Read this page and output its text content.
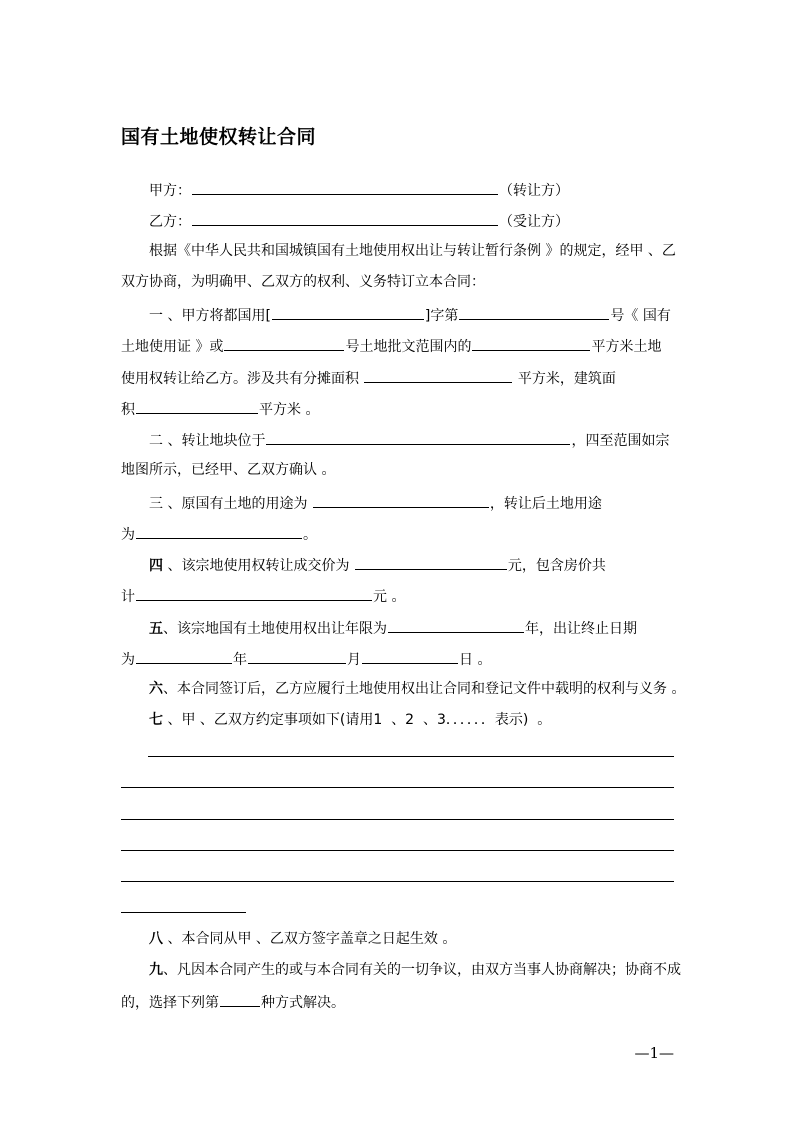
国有土地使权转让合同
甲方：	（转让方）
乙方：	（受让方）
根据《中华人民共和国城镇国有土地使用权出让与转让暂行条例 》的规定，经甲 、乙
双方协商，为明确甲、乙双方的权利、义务特订立本合同：
一 、甲方将都国用[	]字第	号《 国有
土地使用证 》或	号土地批文范围内的	平方米土地
使用权转让给乙方。涉及共有分摊面积	平方米，建筑面
积	平方米 。
二 、转让地块位于	，四至范围如宗
地图所示，已经甲、乙双方确认 。
三 、原国有土地的用途为	，转让后土地用途
为	。
四 、该宗地使用权转让成交价为	元，包含房价共
计	元 。
五、该宗地国有土地使用权出让年限为	年，出让终止日期
为	年	月	日 。
六、本合同签订后，乙方应履行土地使用权出让合同和登记文件中载明的权利与义务 。
七 、甲 、乙双方约定事项如下(请用1 、2 、3．．．．．．表示) 。
八 、本合同从甲 、乙双方签字盖章之日起生效 。
九、凡因本合同产生的或与本合同有关的一切争议，由双方当事人协商解决；协商不成
的，选择下列第	种方式解决。
—1—
